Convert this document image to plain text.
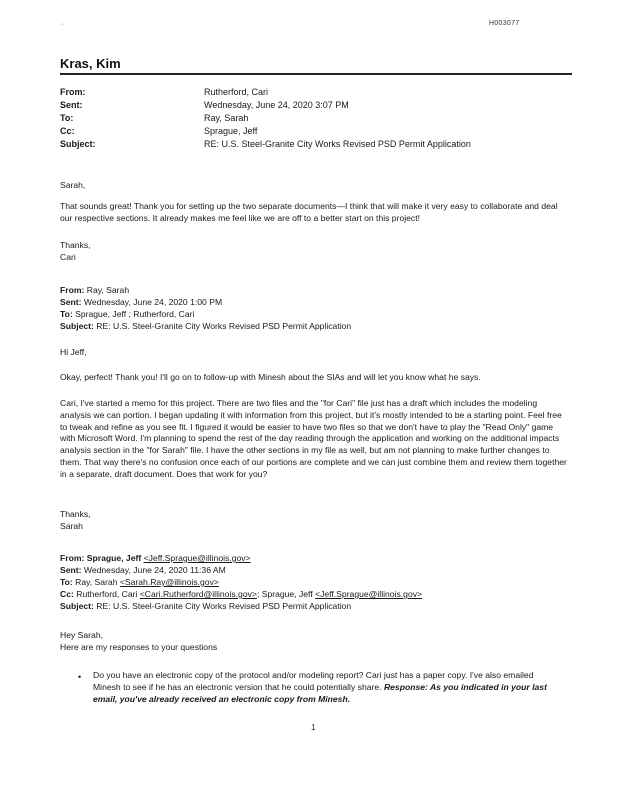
H003077
'
Kras, Kim
From:	Rutherford, Cari
Sent:	Wednesday, June 24, 2020 3:07 PM
To:	Ray, Sarah
Cc:	Sprague, Jeff
Subject:	RE: U.S. Steel-Granite City Works Revised PSD Permit Application
Sarah,
That sounds great! Thank you for setting up the two separate documents—I think that will make it very easy to collaborate and deal our respective sections. It already makes me feel like we are off to a better start on this project!
Thanks,
Cari
From: Ray, Sarah
Sent: Wednesday, June 24, 2020 1:00 PM
To: Sprague, Jeff ; Rutherford, Cari
Subject: RE: U.S. Steel-Granite City Works Revised PSD Permit Application
Hi Jeff,
Okay, perfect! Thank you! I'll go on to follow-up with Minesh about the SIAs and will let you know what he says.
Cari, I've started a memo for this project. There are two files and the "for Cari" file just has a draft which includes the modeling analysis we can portion. I began updating it with information from this project, but it's mostly intended to be a starting point. Feel free to tweak and refine as you see fit. I figured it would be easier to have two files so that we don't have to play the "Read Only" game with Microsoft Word. I'm planning to spend the rest of the day reading through the application and working on the additional impacts analysis section in the "for Sarah" file. I have the other sections in my file as well, but am not planning to make further changes to them. That way there's no confusion once each of our portions are complete and we can just combine them and review them together in a separate, draft document. Does that work for you?
Thanks,
Sarah
From: Sprague, Jeff <Jeff.Sprague@illinois.gov>
Sent: Wednesday, June 24, 2020 11:36 AM
To: Ray, Sarah <Sarah.Ray@illinois.gov>
Cc: Rutherford, Cari <Cari.Rutherford@illinois.gov>; Sprague, Jeff <Jeff.Sprague@illinois.gov>
Subject: RE: U.S. Steel-Granite City Works Revised PSD Permit Application
Hey Sarah,
Here are my responses to your questions
• Do you have an electronic copy of the protocol and/or modeling report? Cari just has a paper copy. I've also emailed Minesh to see if he has an electronic version that he could potentially share. Response: As you indicated in your last email, you've already received an electronic copy from Minesh.
1
